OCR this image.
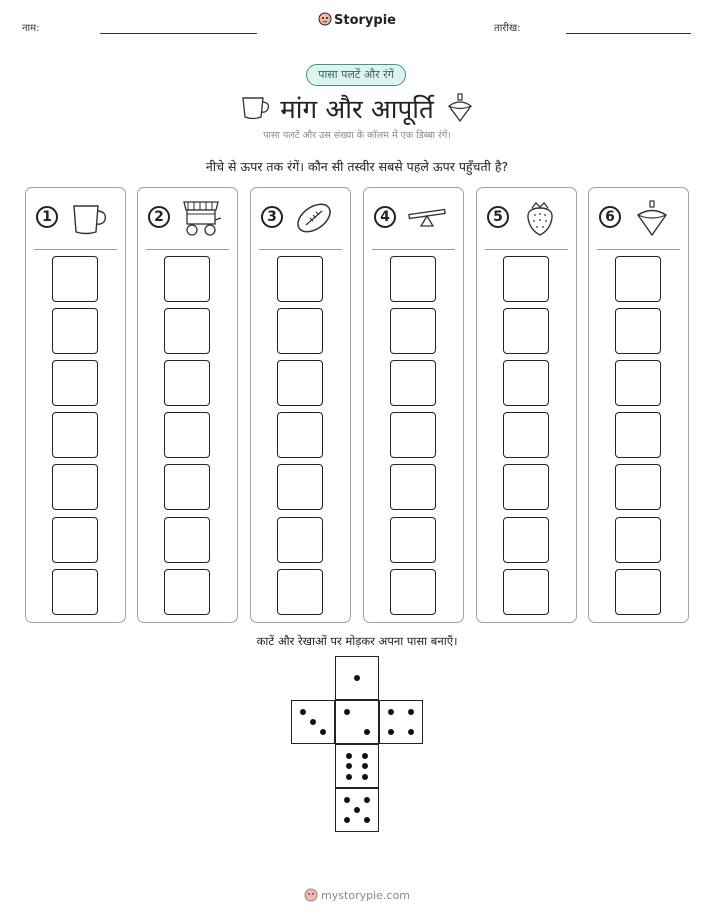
नाम:
Storypie
तारीख:
पासा पलटें और रंगें
मांग और आपूर्ति
पासा पलटें और उस संख्या के कॉलम में एक डिब्बा रंगें।
नीचे से ऊपर तक रंगें। कौन सी तस्वीर सबसे पहले ऊपर पहुँचती है?
1	2	3	4	5	6
काटें और रेखाओं पर मोड़कर अपना पासा बनाएँ।
mystorypie.com
